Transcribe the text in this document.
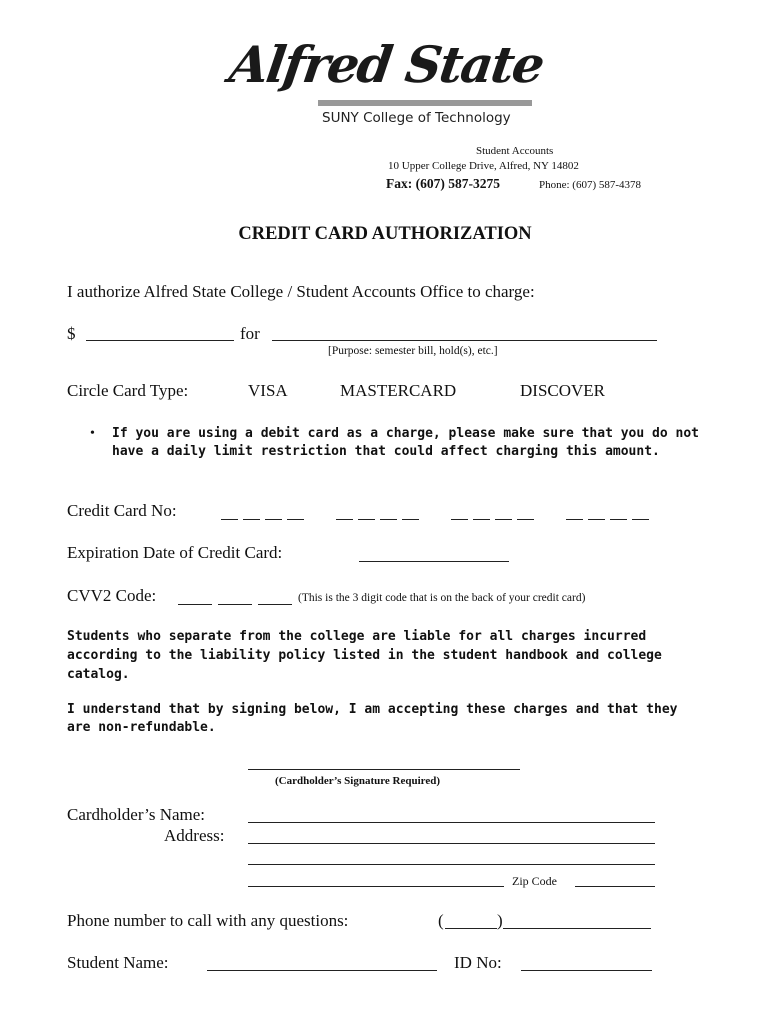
Alfred State
SUNY College of Technology
Student Accounts
10 Upper College Drive, Alfred, NY 14802
Fax: (607) 587-3275	Phone: (607) 587-4378
CREDIT CARD AUTHORIZATION
I authorize Alfred State College / Student Accounts Office to charge:
$	for
[Purpose: semester bill, hold(s), etc.]
Circle Card Type:	VISA	MASTERCARD	DISCOVER
• If you are using a debit card as a charge, please make sure that you do not
have a daily limit restriction that could affect charging this amount.
Credit Card No:
Expiration Date of Credit Card:
CVV2 Code:	(This is the 3 digit code that is on the back of your credit card)
Students who separate from the college are liable for all charges incurred
according to the liability policy listed in the student handbook and college
catalog.
I understand that by signing below, I am accepting these charges and that they
are non-refundable.
(Cardholder’s Signature Required)
Cardholder’s Name:
Address:
Zip Code
Phone number to call with any questions:	(	)
Student Name:	ID No:
